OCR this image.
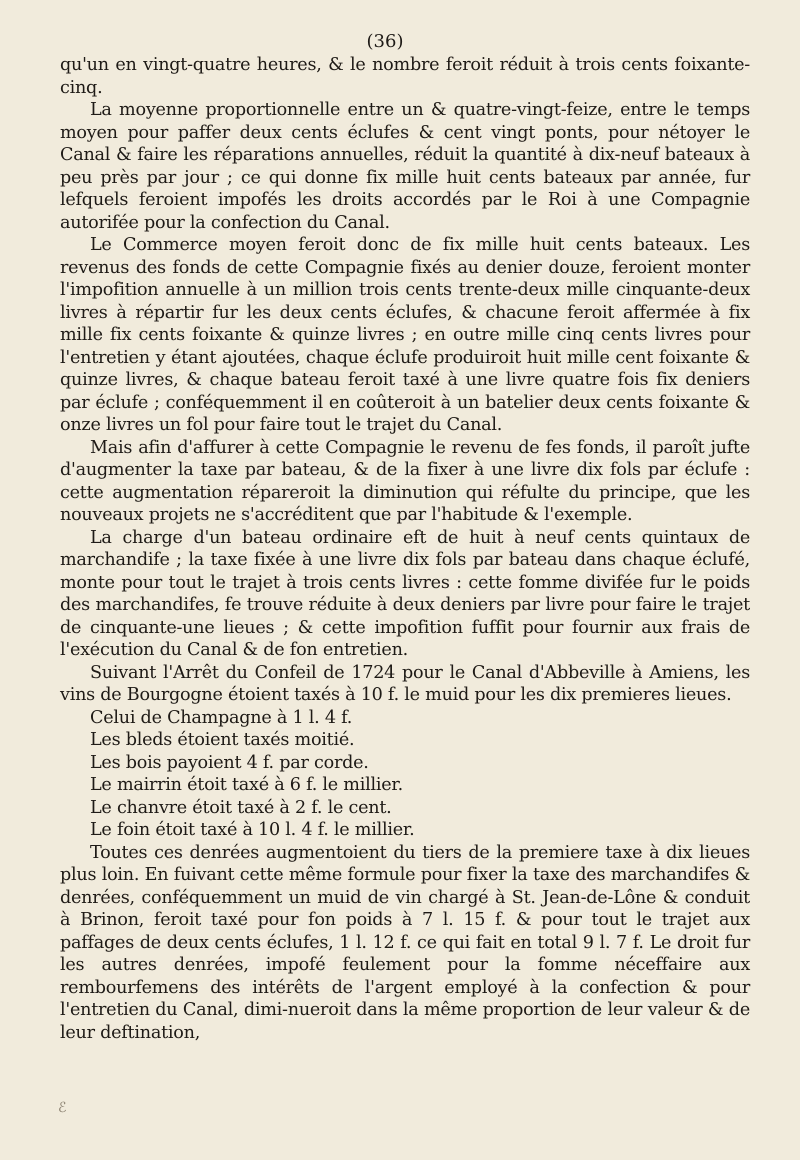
(36)

qu'un en vingt-quatre heures, & le nombre feroit réduit à trois cents foixante-cinq.

La moyenne proportionnelle entre un & quatre-vingt-feize, entre le temps moyen pour paffer deux cents éclufes & cent vingt ponts, pour nétoyer le Canal & faire les réparations annuelles, réduit la quantité à dix-neuf bateaux à peu près par jour ; ce qui donne fix mille huit cents bateaux par année, fur lefquels feroient impofés les droits accordés par le Roi à une Compagnie autorifée pour la confection du Canal.

Le Commerce moyen feroit donc de fix mille huit cents bateaux. Les revenus des fonds de cette Compagnie fixés au denier douze, feroient monter l'impofition annuelle à un million trois cents trente-deux mille cinquante-deux livres à répartir fur les deux cents éclufes, & chacune feroit affermée à fix mille fix cents foixante & quinze livres ; en outre mille cinq cents livres pour l'entretien y étant ajoutées, chaque éclufe produiroit huit mille cent foixante & quinze livres, & chaque bateau feroit taxé à une livre quatre fois fix deniers par éclufe ; conféquemment il en coûteroit à un batelier deux cents foixante & onze livres un fol pour faire tout le trajet du Canal.

Mais afin d'affurer à cette Compagnie le revenu de fes fonds, il paroît jufte d'augmenter la taxe par bateau, & de la fixer à une livre dix fols par éclufe : cette augmentation répareroit la diminution qui réfulte du principe, que les nouveaux projets ne s'accréditent que par l'habitude & l'exemple.

La charge d'un bateau ordinaire eft de huit à neuf cents quintaux de marchandife ; la taxe fixée à une livre dix fols par bateau dans chaque éclufé, monte pour tout le trajet à trois cents livres : cette fomme divifée fur le poids des marchandifes, fe trouve réduite à deux deniers par livre pour faire le trajet de cinquante-une lieues ; & cette impofition fuffit pour fournir aux frais de l'exécution du Canal & de fon entretien.

Suivant l'Arrêt du Confeil de 1724 pour le Canal d'Abbeville à Amiens, les vins de Bourgogne étoient taxés à 10 f. le muid pour les dix premieres lieues.

Celui de Champagne à 1 l. 4 f.

Les bleds étoient taxés moitié.

Les bois payoient 4 f. par corde.

Le mairrin étoit taxé à 6 f. le millier.

Le chanvre étoit taxé à 2 f. le cent.

Le foin étoit taxé à 10 l. 4 f. le millier.

Toutes ces denrées augmentoient du tiers de la premiere taxe à dix lieues plus loin. En fuivant cette même formule pour fixer la taxe des marchandifes & denrées, conféquemment un muid de vin chargé à St. Jean-de-Lône & conduit à Brinon, feroit taxé pour fon poids à 7 l. 15 f. & pour tout le trajet aux paffages de deux cents éclufes, 1 l. 12 f. ce qui fait en total 9 l. 7 f. Le droit fur les autres denrées, impofé feulement pour la fomme néceffaire aux rembourfemens des intérêts de l'argent employé à la confection & pour l'entretien du Canal, dimi-nueroit dans la même proportion de leur valeur & de leur deftination,

ℰ
